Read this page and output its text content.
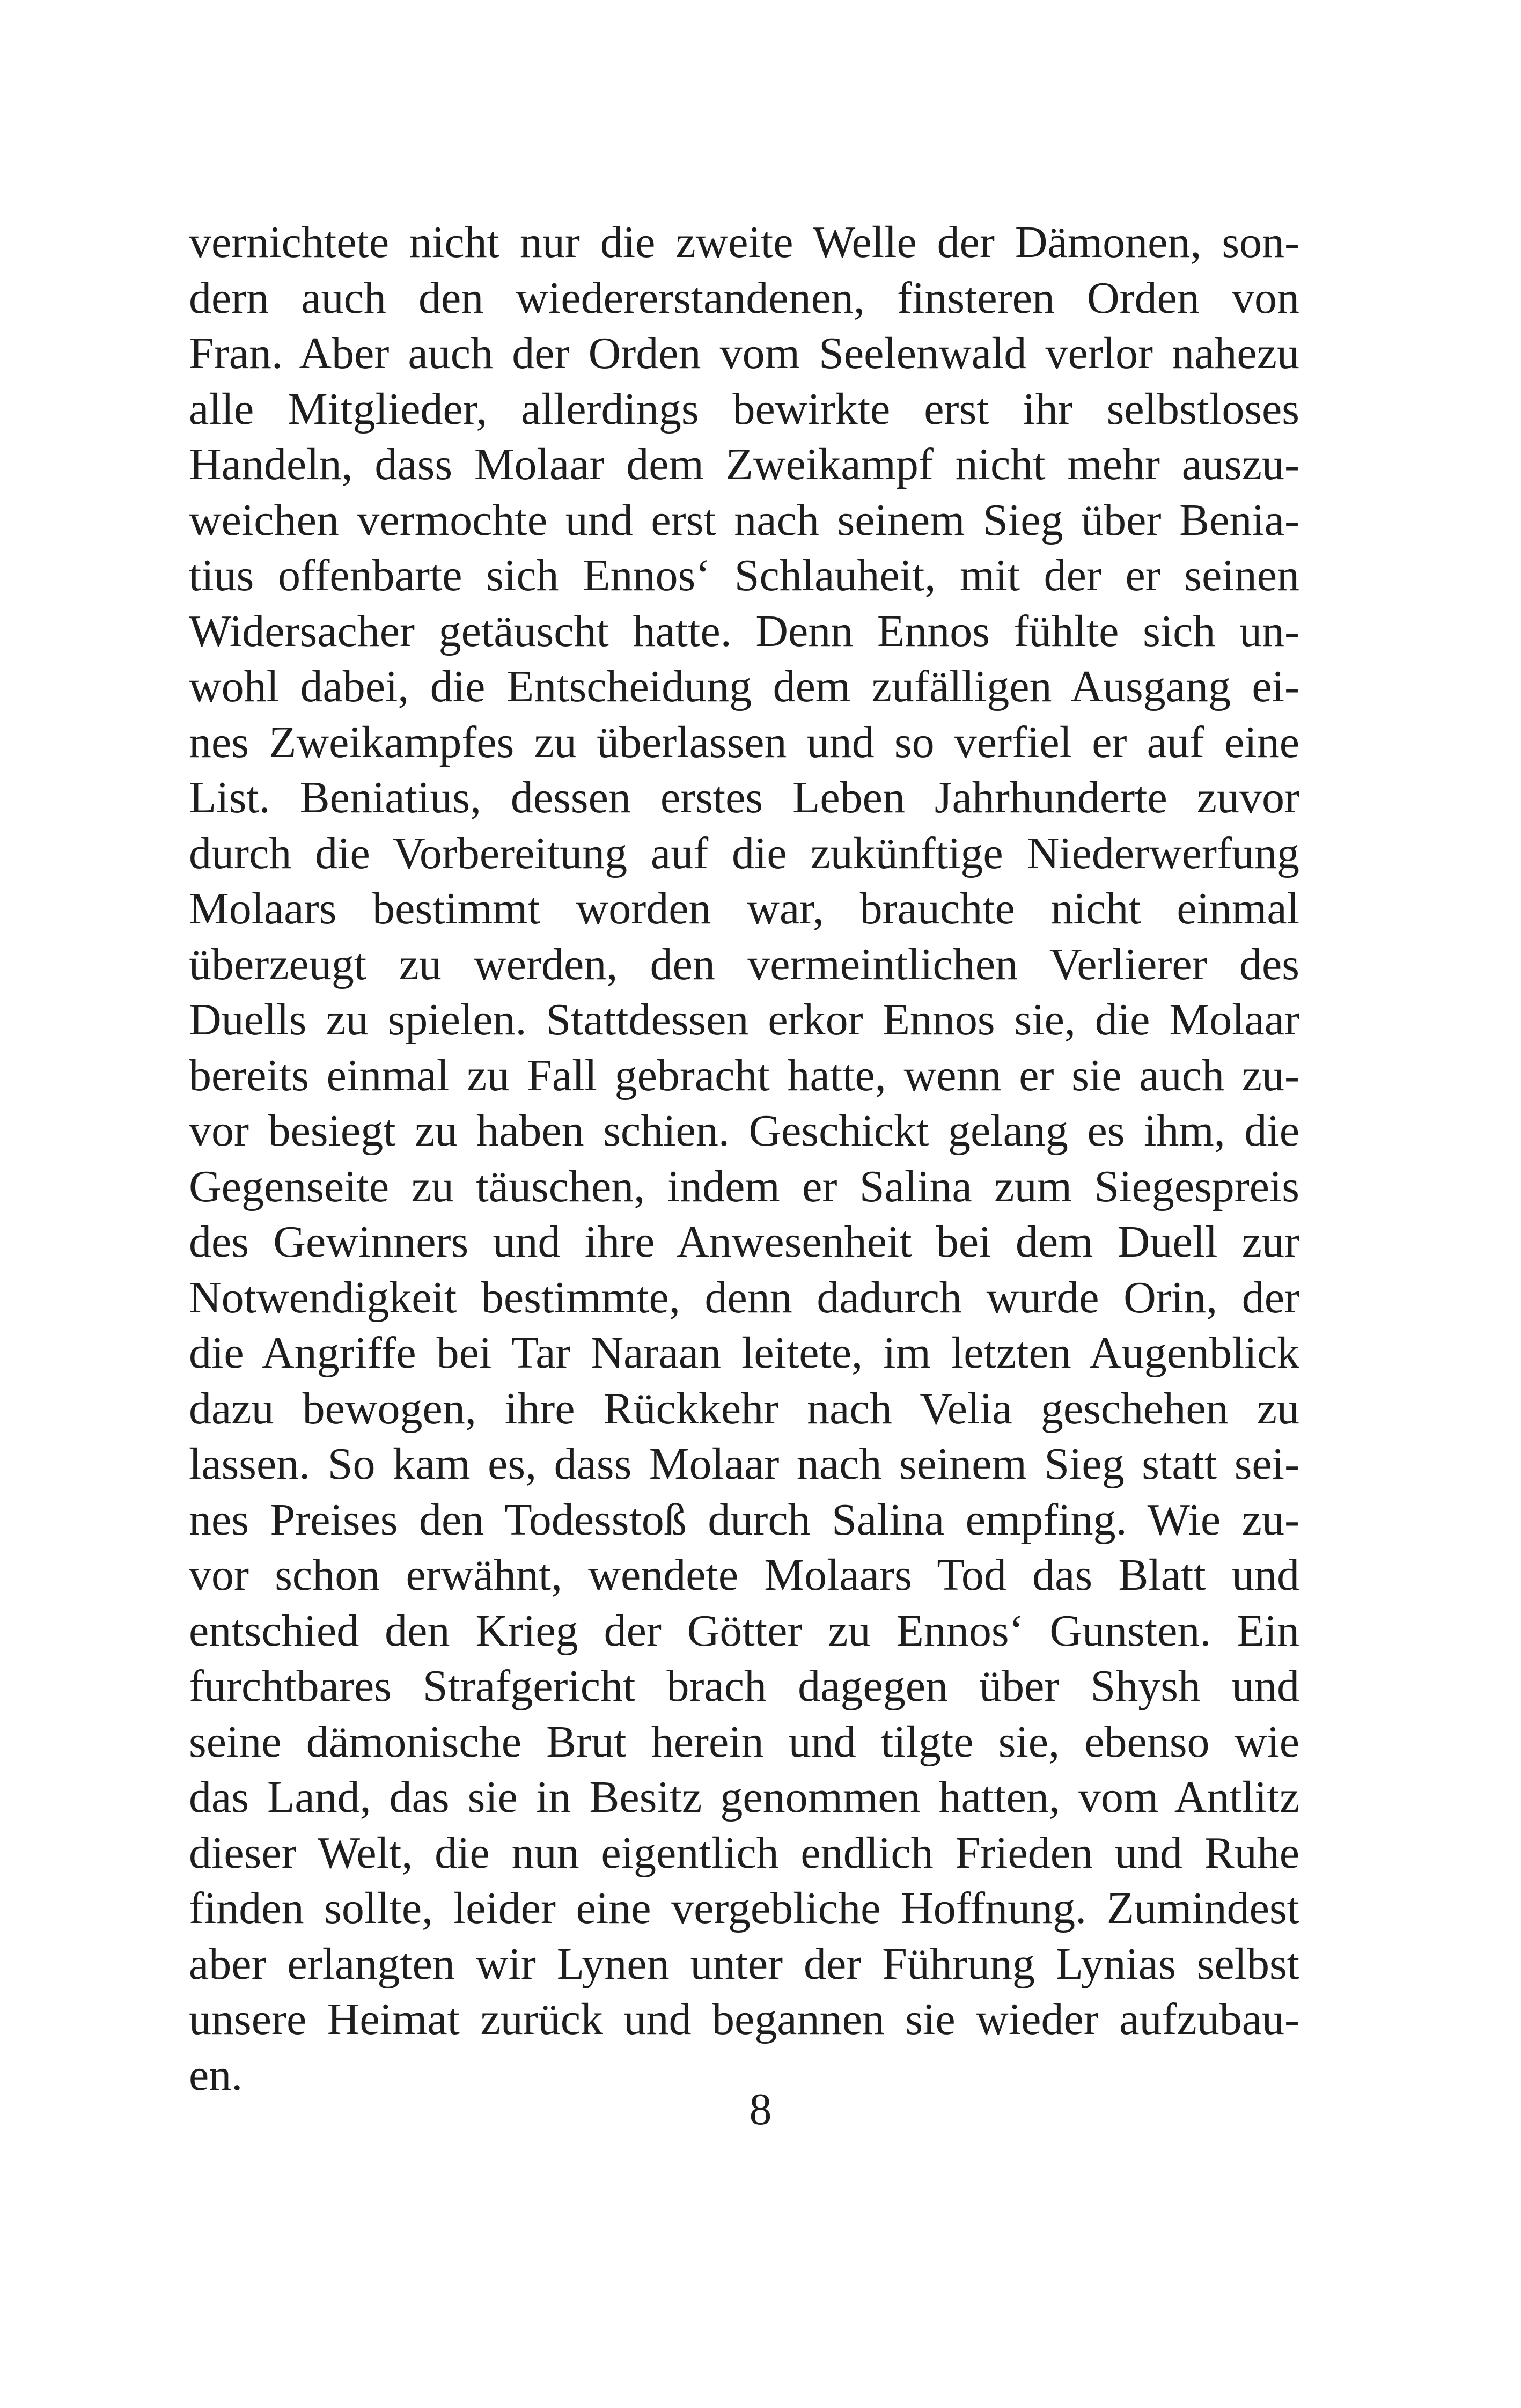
vernichtete nicht nur die zweite Welle der Dämonen, son-
dern auch den wiedererstandenen, finsteren Orden von
Fran. Aber auch der Orden vom Seelenwald verlor nahezu
alle Mitglieder, allerdings bewirkte erst ihr selbstloses
Handeln, dass Molaar dem Zweikampf nicht mehr auszu-
weichen vermochte und erst nach seinem Sieg über Benia-
tius offenbarte sich Ennos‘ Schlauheit, mit der er seinen
Widersacher getäuscht hatte. Denn Ennos fühlte sich un-
wohl dabei, die Entscheidung dem zufälligen Ausgang ei-
nes Zweikampfes zu überlassen und so verfiel er auf eine
List. Beniatius, dessen erstes Leben Jahrhunderte zuvor
durch die Vorbereitung auf die zukünftige Niederwerfung
Molaars bestimmt worden war, brauchte nicht einmal
überzeugt zu werden, den vermeintlichen Verlierer des
Duells zu spielen. Stattdessen erkor Ennos sie, die Molaar
bereits einmal zu Fall gebracht hatte, wenn er sie auch zu-
vor besiegt zu haben schien. Geschickt gelang es ihm, die
Gegenseite zu täuschen, indem er Salina zum Siegespreis
des Gewinners und ihre Anwesenheit bei dem Duell zur
Notwendigkeit bestimmte, denn dadurch wurde Orin, der
die Angriffe bei Tar Naraan leitete, im letzten Augenblick
dazu bewogen, ihre Rückkehr nach Velia geschehen zu
lassen. So kam es, dass Molaar nach seinem Sieg statt sei-
nes Preises den Todesstoß durch Salina empfing. Wie zu-
vor schon erwähnt, wendete Molaars Tod das Blatt und
entschied den Krieg der Götter zu Ennos‘ Gunsten. Ein
furchtbares Strafgericht brach dagegen über Shysh und
seine dämonische Brut herein und tilgte sie, ebenso wie
das Land, das sie in Besitz genommen hatten, vom Antlitz
dieser Welt, die nun eigentlich endlich Frieden und Ruhe
finden sollte, leider eine vergebliche Hoffnung. Zumindest
aber erlangten wir Lynen unter der Führung Lynias selbst
unsere Heimat zurück und begannen sie wieder aufzubau-
en.
8
